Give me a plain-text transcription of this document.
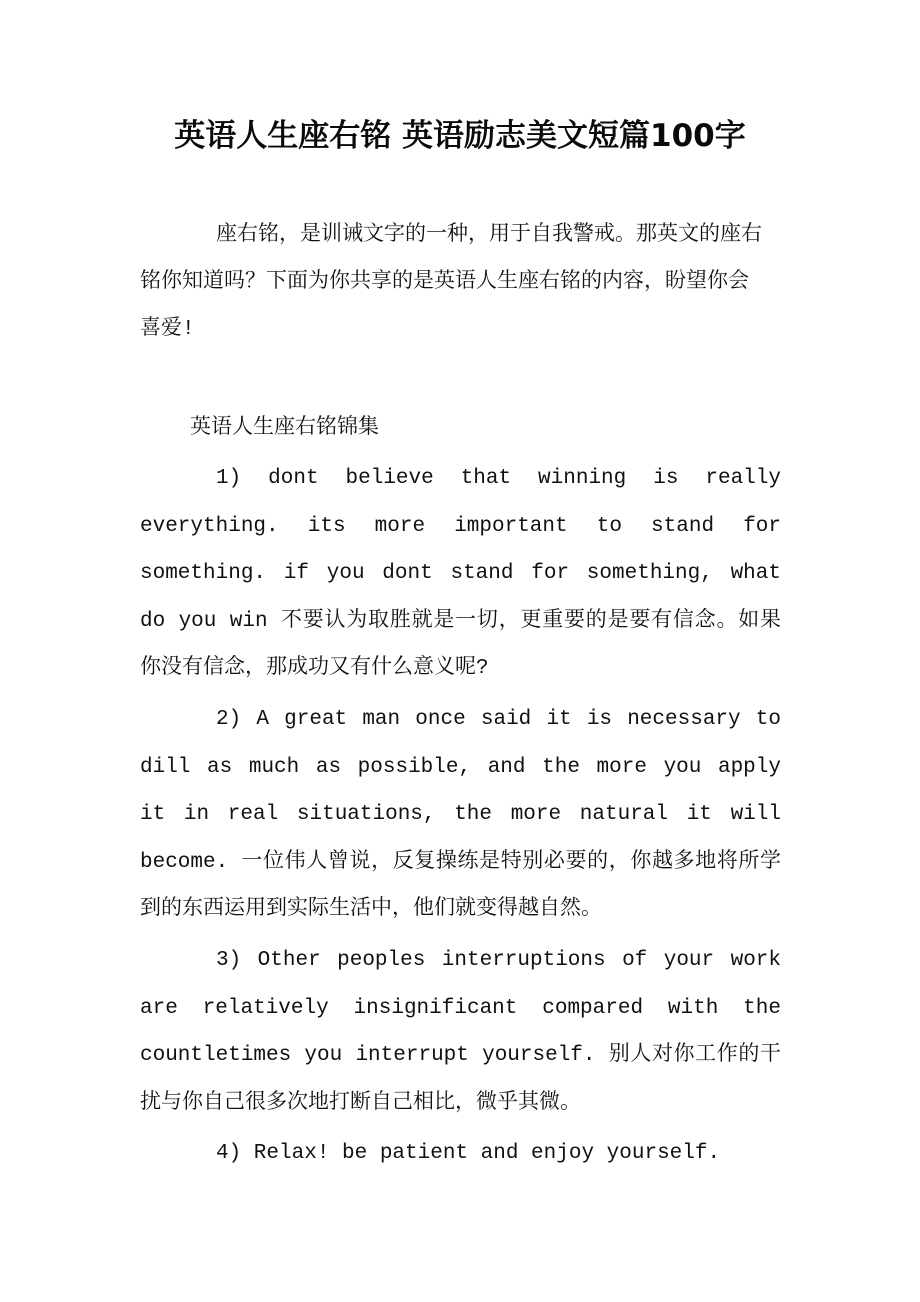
英语人生座右铭 英语励志美文短篇100字

座右铭，是训诫文字的一种，用于自我警戒。那英文的座右铭你知道吗？下面为你共享的是英语人生座右铭的内容，盼望你会喜爱!

英语人生座右铭锦集

1) dont believe that winning is really everything. its more important to stand for something. if you dont stand for something, what do you win 不要认为取胜就是一切，更重要的是要有信念。如果你没有信念，那成功又有什么意义呢?

2) A great man once said it is necessary to dill as much as possible, and the more you apply it in real situations, the more natural it will become. 一位伟人曾说，反复操练是特别必要的，你越多地将所学到的东西运用到实际生活中，他们就变得越自然。

3) Other peoples interruptions of your work are relatively insignificant compared with the countletimes you interrupt yourself. 别人对你工作的干扰与你自己很多次地打断自己相比，微乎其微。

4) Relax! be patient and enjoy yourself.
